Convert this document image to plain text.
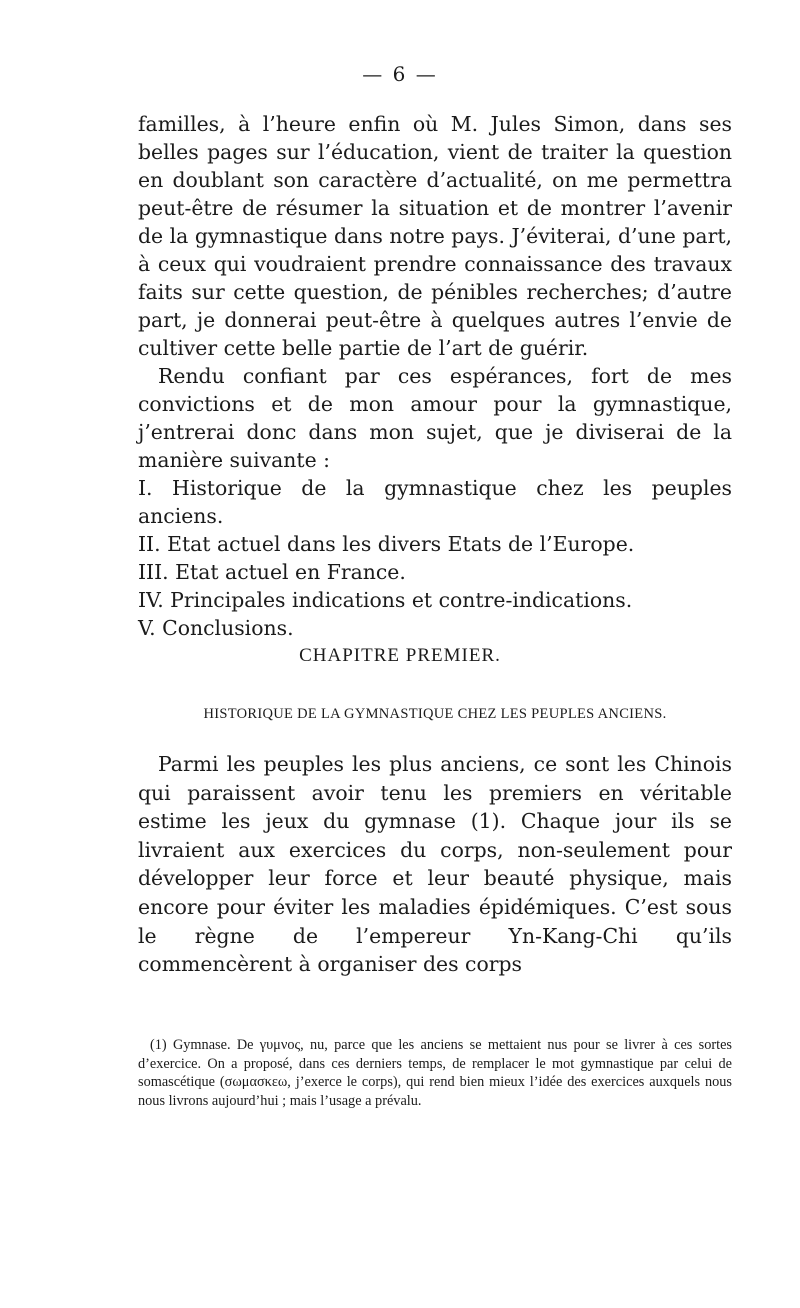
— 6 —

familles, à l’heure enfin où M. Jules Simon, dans ses belles pages sur l’éducation, vient de traiter la question en doublant son caractère d’actualité, on me permettra peut-être de résumer la situation et de montrer l’avenir de la gymnastique dans notre pays. J’éviterai, d’une part, à ceux qui voudraient prendre connaissance des travaux faits sur cette question, de pénibles recherches; d’autre part, je donnerai peut-être à quelques autres l’envie de cultiver cette belle partie de l’art de guérir.

Rendu confiant par ces espérances, fort de mes convictions et de mon amour pour la gymnastique, j’entrerai donc dans mon sujet, que je diviserai de la manière suivante :

I. Historique de la gymnastique chez les peuples anciens.
II. Etat actuel dans les divers Etats de l’Europe.
III. Etat actuel en France.
IV. Principales indications et contre-indications.
V. Conclusions.
CHAPITRE PREMIER.
HISTORIQUE DE LA GYMNASTIQUE CHEZ LES PEUPLES ANCIENS.

Parmi les peuples les plus anciens, ce sont les Chinois qui paraissent avoir tenu les premiers en véritable estime les jeux du gymnase (1). Chaque jour ils se livraient aux exercices du corps, non-seulement pour développer leur force et leur beauté physique, mais encore pour éviter les maladies épidémiques. C’est sous le règne de l’empereur Yn-Kang-Chi qu’ils commencèrent à organiser des corps

(1) Gymnase. De γυμνος, nu, parce que les anciens se mettaient nus pour se livrer à ces sortes d’exercice. On a proposé, dans ces derniers temps, de remplacer le mot gymnastique par celui de somascétique (σωμασκεω, j’exerce le corps), qui rend bien mieux l’idée des exercices auxquels nous nous livrons aujourd’hui ; mais l’usage a prévalu.
